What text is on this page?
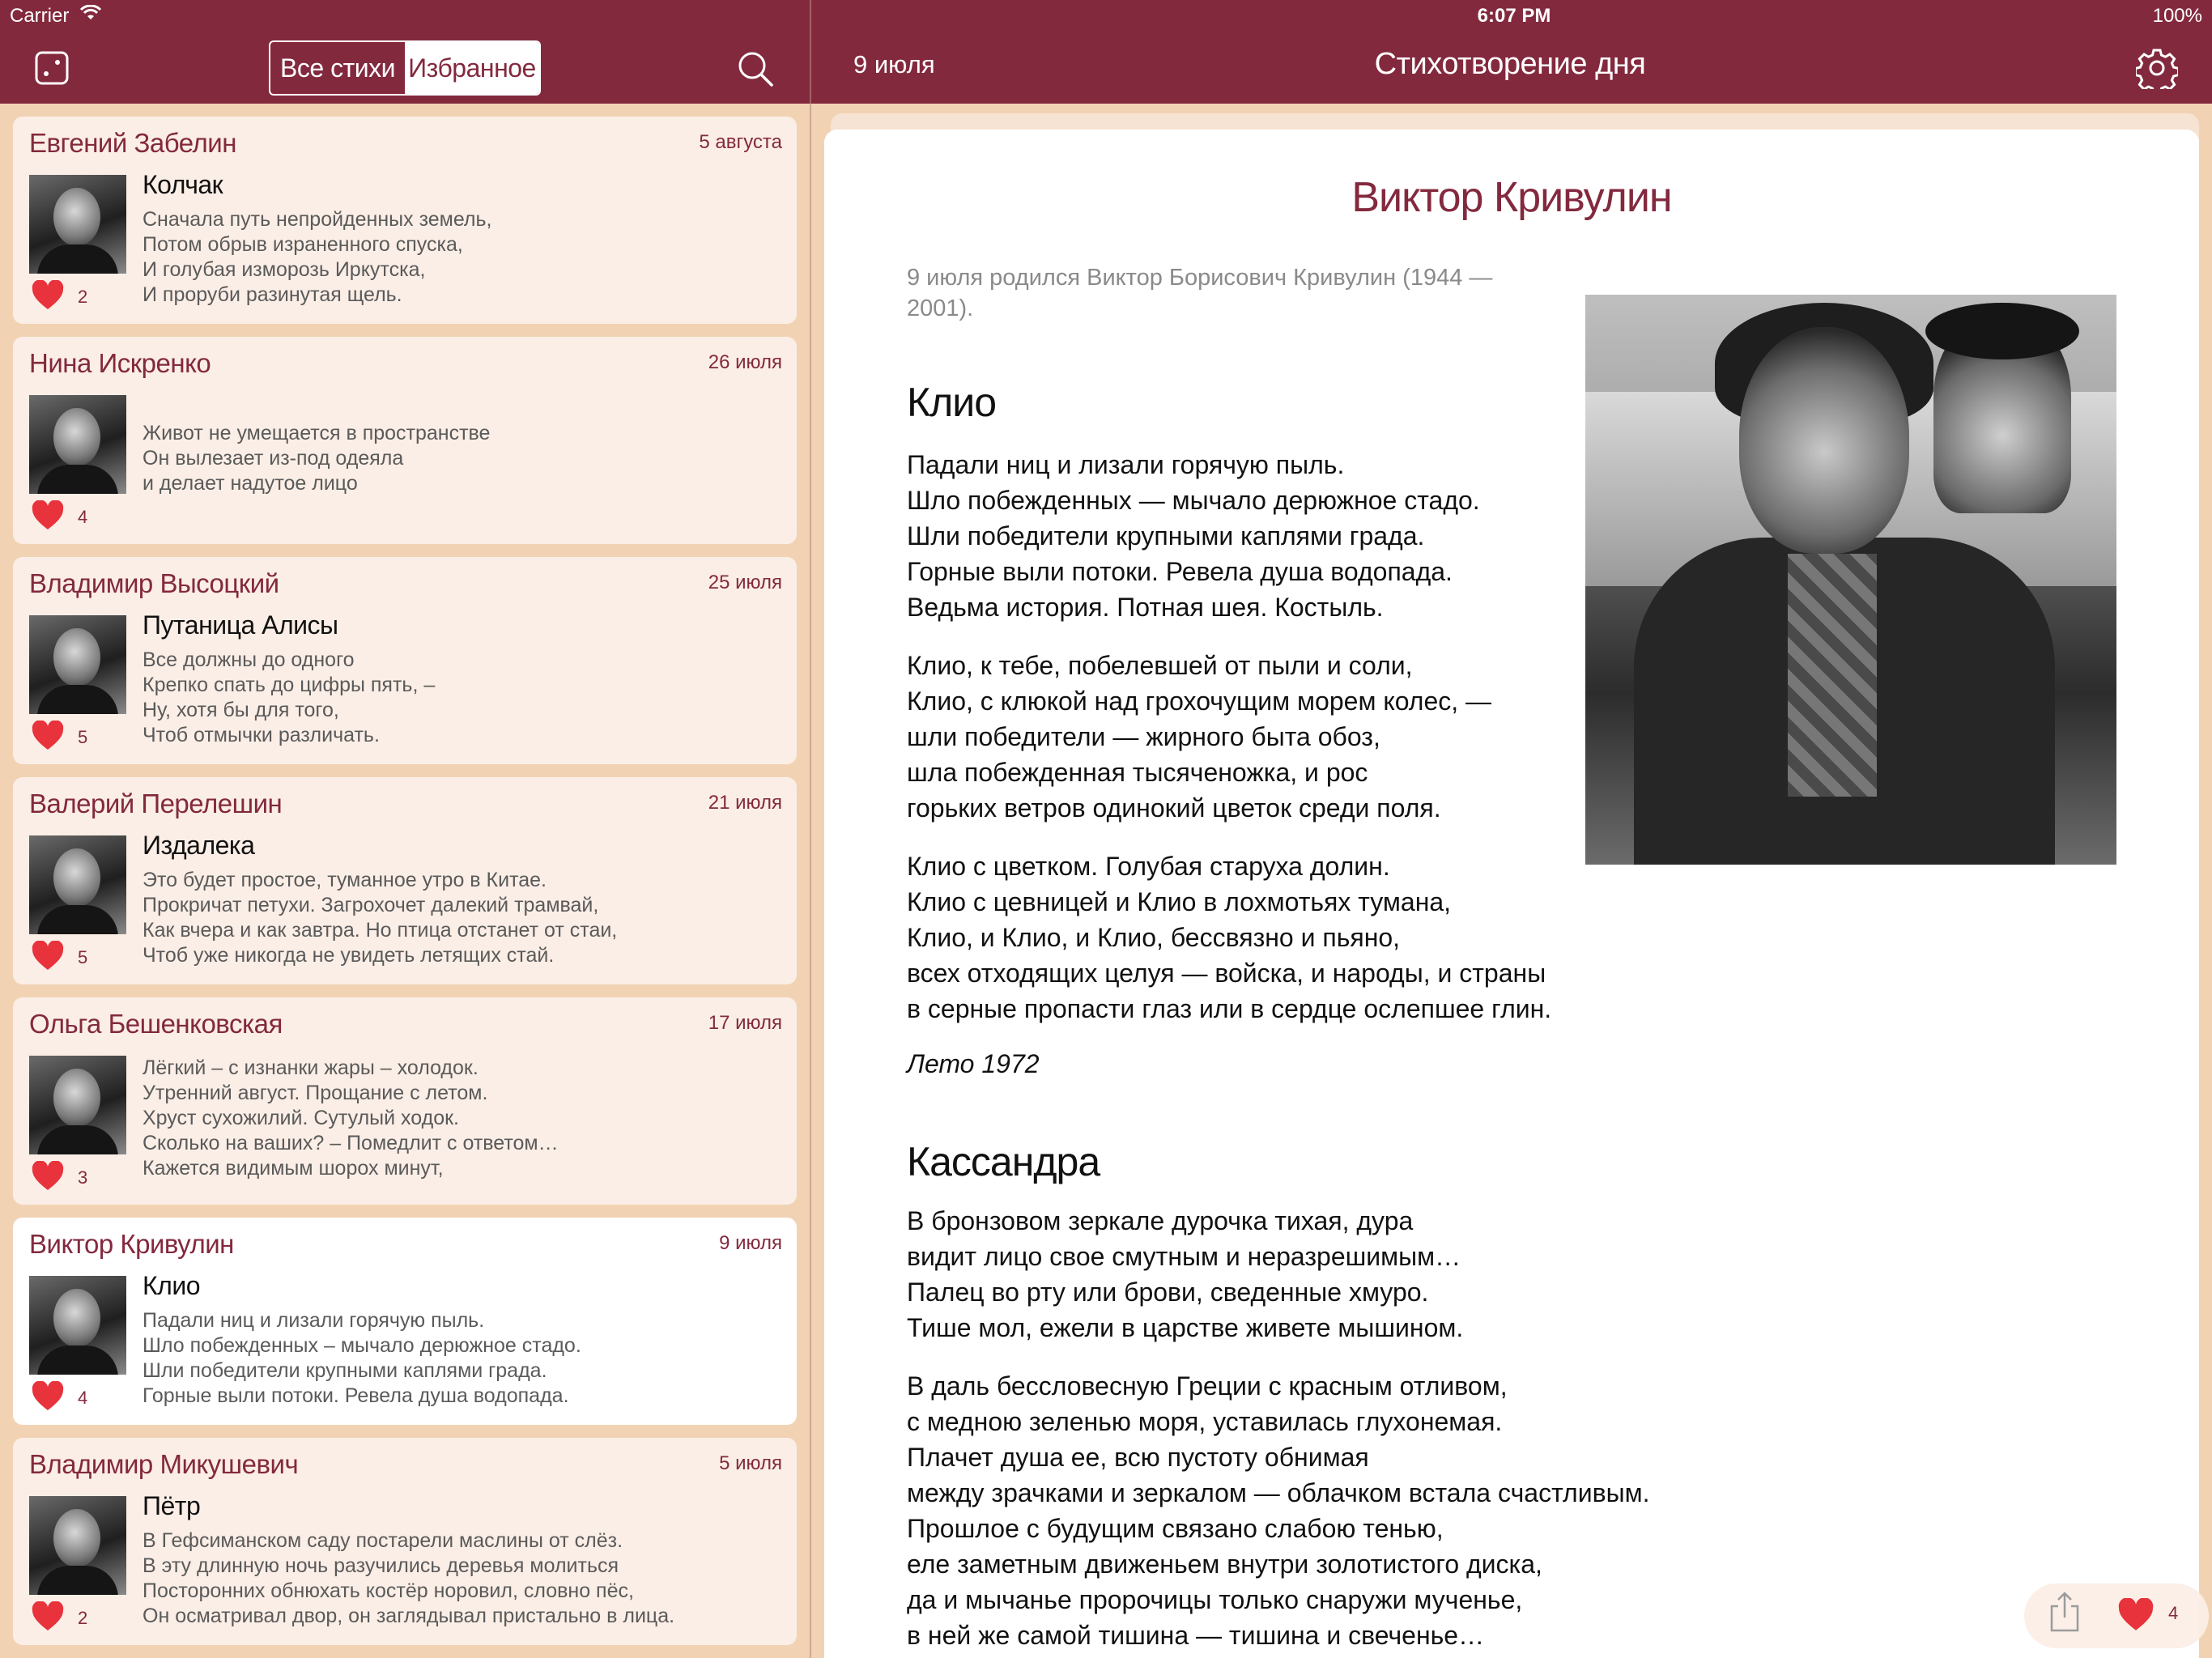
Carrier	6:07 PM	100%
Все стихи Избранное	9 июля	Стихотворение дня
Евгений Забелин	5 августа
Колчак
Сначала путь непройденных земель,
Потом обрыв израненного спуска,
И голубая изморозь Иркутска,
И проруби разинутая щель.
2
Нина Искренко	26 июля
Живот не умещается в пространстве
Он вылезает из-под одеяла
и делает надутое лицо
4
Владимир Высоцкий	25 июля
Путаница Алисы
Все должны до одного
Крепко спать до цифры пять, –
Ну, хотя бы для того,
Чтоб отмычки различать.
5
Валерий Перелешин	21 июля
Издалека
Это будет простое, туманное утро в Китае.
Прокричат петухи. Загрохочет далекий трамвай,
Как вчера и как завтра. Но птица отстанет от стаи,
Чтоб уже никогда не увидеть летящих стай.
5
Ольга Бешенковская	17 июля
Лёгкий – с изнанки жары – холодок.
Утренний август. Прощание с летом.
Хруст сухожилий. Сутулый ходок.
Сколько на ваших? – Помедлит с ответом…
Кажется видимым шорох минут,
3
Виктор Кривулин	9 июля
Клио
Падали ниц и лизали горячую пыль.
Шло побежденных – мычало дерюжное стадо.
Шли победители крупными каплями града.
Горные выли потоки. Ревела душа водопада.
4
Владимир Микушевич	5 июля
Пётр
В Гефсиманском саду постарели маслины от слёз.
В эту длинную ночь разучились деревья молиться
Посторонних обнюхать костёр норовил, словно пёс,
Он осматривал двор, он заглядывал пристально в лица.
2
Виктор Кривулин
9 июля родился Виктор Борисович Кривулин (1944 — 2001).
Клио
Падали ниц и лизали горячую пыль.
Шло побежденных — мычало дерюжное стадо.
Шли победители крупными каплями града.
Горные выли потоки. Ревела душа водопада.
Ведьма история. Потная шея. Костыль.
Клио, к тебе, побелевшей от пыли и соли,
Клио, с клюкой над грохочущим морем колес, —
шли победители — жирного быта обоз,
шла побежденная тысяченожка, и рос
горьких ветров одинокий цветок среди поля.
Клио с цветком. Голубая старуха долин.
Клио с цевницей и Клио в лохмотьях тумана,
Клио, и Клио, и Клио, бессвязно и пьяно,
всех отходящих целуя — войска, и народы, и страны
в серные пропасти глаз или в сердце ослепшее глин.
Лето 1972
Кассандра
В бронзовом зеркале дурочка тихая, дура
видит лицо свое смутным и неразрешимым…
Палец во рту или брови, сведенные хмуро.
Тише мол, ежели в царстве живете мышином.
В даль бессловесную Греции с красным отливом,
с медною зеленью моря, уставилась глухонемая.
Плачет душа ее, всю пустоту обнимая
между зрачками и зеркалом — облачком встала счастливым.
Прошлое с будущим связано слабою тенью,
еле заметным движеньем внутри золотистого диска,
да и мычанье пророчицы только снаружи мученье,
в ней же самой тишина — тишина и свеченье…
4
